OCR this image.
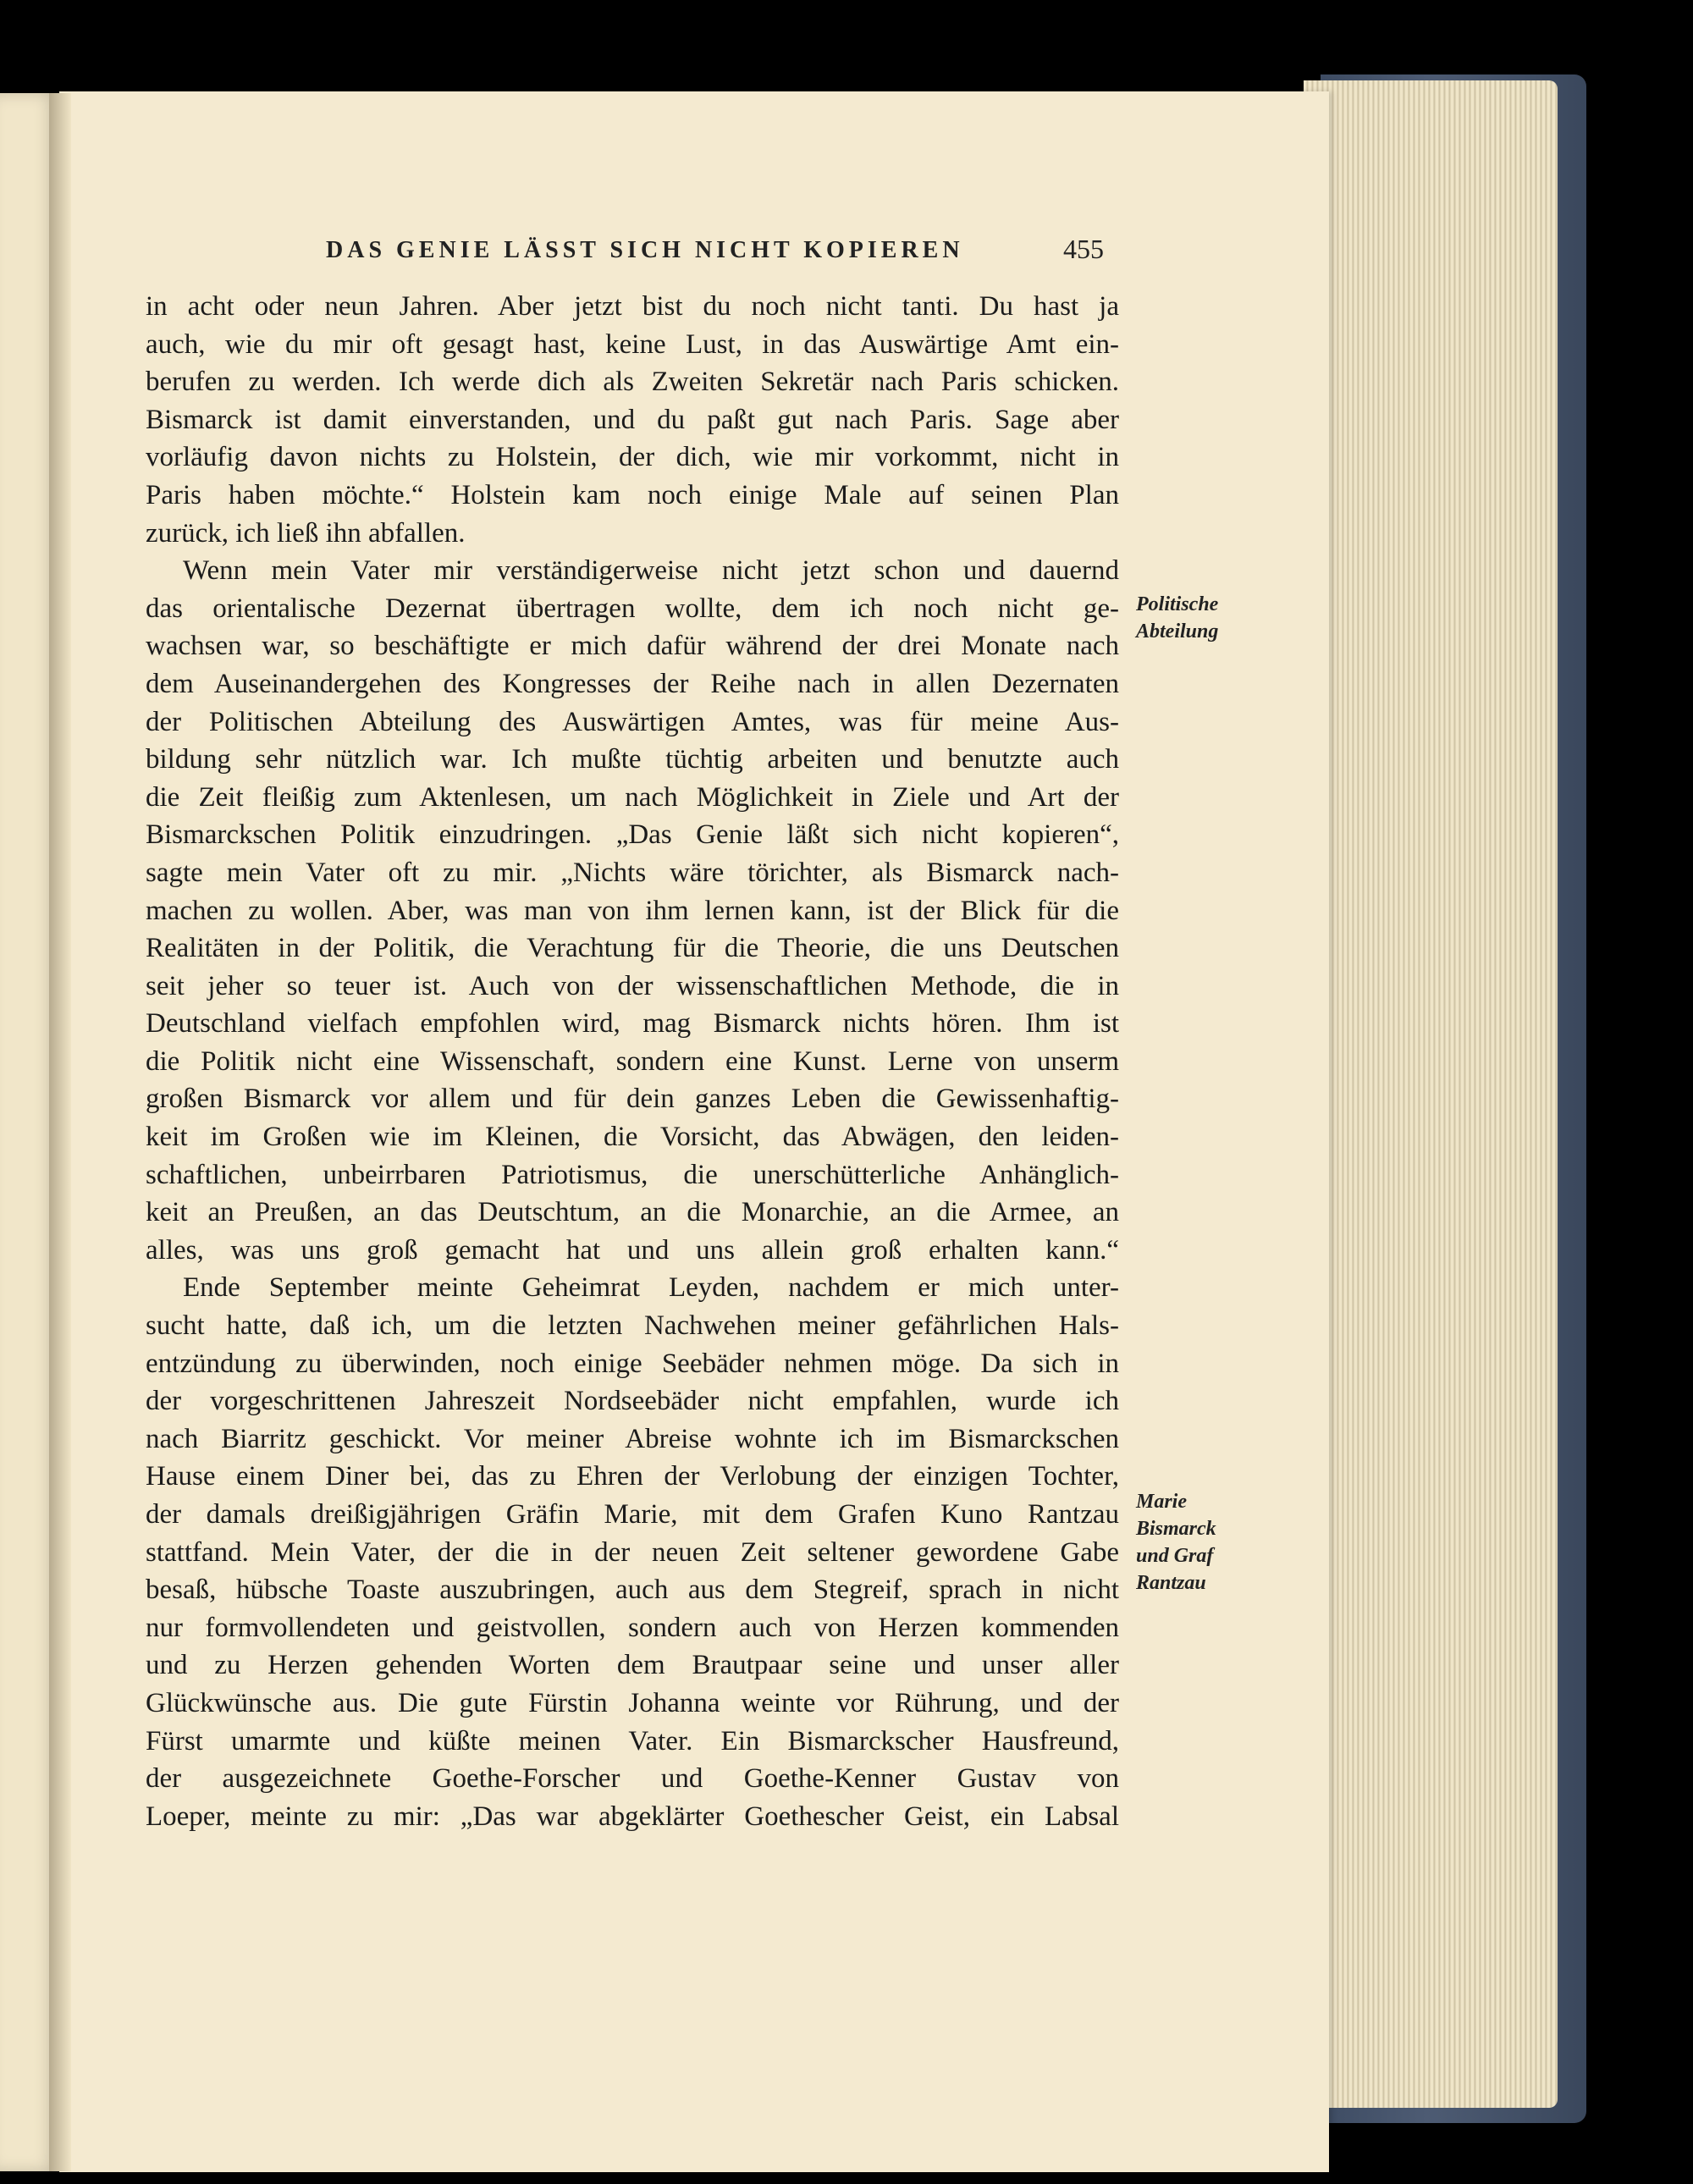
DAS GENIE LÄSST SICH NICHT KOPIEREN	455
in acht oder neun Jahren. Aber jetzt bist du noch nicht tanti. Du hast ja
auch, wie du mir oft gesagt hast, keine Lust, in das Auswärtige Amt ein-
berufen zu werden. Ich werde dich als Zweiten Sekretär nach Paris schicken.
Bismarck ist damit einverstanden, und du paßt gut nach Paris. Sage aber
vorläufig davon nichts zu Holstein, der dich, wie mir vorkommt, nicht in
Paris haben möchte.“ Holstein kam noch einige Male auf seinen Plan
zurück, ich ließ ihn abfallen.
Wenn mein Vater mir verständigerweise nicht jetzt schon und dauernd
das orientalische Dezernat übertragen wollte, dem ich noch nicht ge-
wachsen war, so beschäftigte er mich dafür während der drei Monate nach
dem Auseinandergehen des Kongresses der Reihe nach in allen Dezernaten
der Politischen Abteilung des Auswärtigen Amtes, was für meine Aus-
bildung sehr nützlich war. Ich mußte tüchtig arbeiten und benutzte auch
die Zeit fleißig zum Aktenlesen, um nach Möglichkeit in Ziele und Art der
Bismarckschen Politik einzudringen. „Das Genie läßt sich nicht kopieren“,
sagte mein Vater oft zu mir. „Nichts wäre törichter, als Bismarck nach-
machen zu wollen. Aber, was man von ihm lernen kann, ist der Blick für die
Realitäten in der Politik, die Verachtung für die Theorie, die uns Deutschen
seit jeher so teuer ist. Auch von der wissenschaftlichen Methode, die in
Deutschland vielfach empfohlen wird, mag Bismarck nichts hören. Ihm ist
die Politik nicht eine Wissenschaft, sondern eine Kunst. Lerne von unserm
großen Bismarck vor allem und für dein ganzes Leben die Gewissenhaftig-
keit im Großen wie im Kleinen, die Vorsicht, das Abwägen, den leiden-
schaftlichen, unbeirrbaren Patriotismus, die unerschütterliche Anhänglich-
keit an Preußen, an das Deutschtum, an die Monarchie, an die Armee, an
alles, was uns groß gemacht hat und uns allein groß erhalten kann.“
Ende September meinte Geheimrat Leyden, nachdem er mich unter-
sucht hatte, daß ich, um die letzten Nachwehen meiner gefährlichen Hals-
entzündung zu überwinden, noch einige Seebäder nehmen möge. Da sich in
der vorgeschrittenen Jahreszeit Nordseebäder nicht empfahlen, wurde ich
nach Biarritz geschickt. Vor meiner Abreise wohnte ich im Bismarckschen
Hause einem Diner bei, das zu Ehren der Verlobung der einzigen Tochter,
der damals dreißigjährigen Gräfin Marie, mit dem Grafen Kuno Rantzau
stattfand. Mein Vater, der die in der neuen Zeit seltener gewordene Gabe
besaß, hübsche Toaste auszubringen, auch aus dem Stegreif, sprach in nicht
nur formvollendeten und geistvollen, sondern auch von Herzen kommenden
und zu Herzen gehenden Worten dem Brautpaar seine und unser aller
Glückwünsche aus. Die gute Fürstin Johanna weinte vor Rührung, und der
Fürst umarmte und küßte meinen Vater. Ein Bismarckscher Hausfreund,
der ausgezeichnete Goethe-Forscher und Goethe-Kenner Gustav von
Loeper, meinte zu mir: „Das war abgeklärter Goethescher Geist, ein Labsal
Politische
Abteilung
Marie
Bismarck
und Graf
Rantzau
